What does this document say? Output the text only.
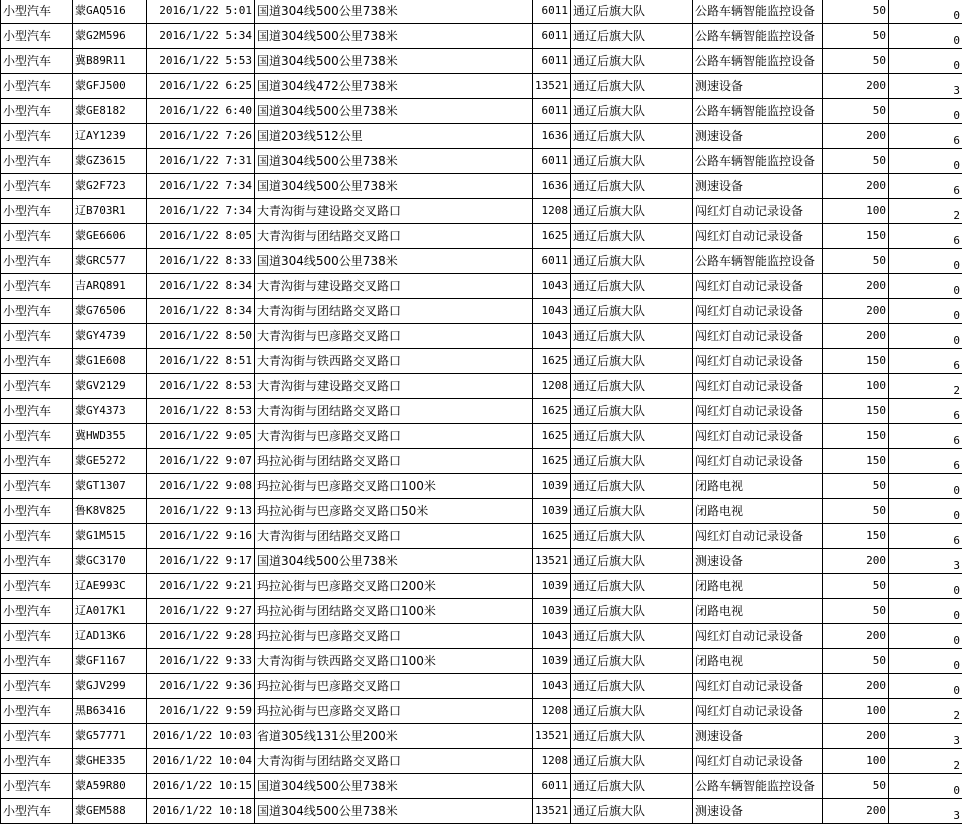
小型汽车	蒙GAQ516	2016/1/22 5:01	国道304线500公里738米	6011	通辽后旗大队	公路车辆智能监控设备	50	0
小型汽车	蒙G2M596	2016/1/22 5:34	国道304线500公里738米	6011	通辽后旗大队	公路车辆智能监控设备	50	0
小型汽车	冀B89R11	2016/1/22 5:53	国道304线500公里738米	6011	通辽后旗大队	公路车辆智能监控设备	50	0
小型汽车	蒙GFJ500	2016/1/22 6:25	国道304线472公里738米	13521	通辽后旗大队	测速设备	200	3
小型汽车	蒙GE8182	2016/1/22 6:40	国道304线500公里738米	6011	通辽后旗大队	公路车辆智能监控设备	50	0
小型汽车	辽AY1239	2016/1/22 7:26	国道203线512公里	1636	通辽后旗大队	测速设备	200	6
小型汽车	蒙GZ3615	2016/1/22 7:31	国道304线500公里738米	6011	通辽后旗大队	公路车辆智能监控设备	50	0
小型汽车	蒙G2F723	2016/1/22 7:34	国道304线500公里738米	1636	通辽后旗大队	测速设备	200	6
小型汽车	辽B703R1	2016/1/22 7:34	大青沟街与建设路交叉路口	1208	通辽后旗大队	闯红灯自动记录设备	100	2
小型汽车	蒙GE6606	2016/1/22 8:05	大青沟街与团结路交叉路口	1625	通辽后旗大队	闯红灯自动记录设备	150	6
小型汽车	蒙GRC577	2016/1/22 8:33	国道304线500公里738米	6011	通辽后旗大队	公路车辆智能监控设备	50	0
小型汽车	吉ARQ891	2016/1/22 8:34	大青沟街与建设路交叉路口	1043	通辽后旗大队	闯红灯自动记录设备	200	0
小型汽车	蒙G76506	2016/1/22 8:34	大青沟街与团结路交叉路口	1043	通辽后旗大队	闯红灯自动记录设备	200	0
小型汽车	蒙GY4739	2016/1/22 8:50	大青沟街与巴彦路交叉路口	1043	通辽后旗大队	闯红灯自动记录设备	200	0
小型汽车	蒙G1E608	2016/1/22 8:51	大青沟街与铁西路交叉路口	1625	通辽后旗大队	闯红灯自动记录设备	150	6
小型汽车	蒙GV2129	2016/1/22 8:53	大青沟街与建设路交叉路口	1208	通辽后旗大队	闯红灯自动记录设备	100	2
小型汽车	蒙GY4373	2016/1/22 8:53	大青沟街与团结路交叉路口	1625	通辽后旗大队	闯红灯自动记录设备	150	6
小型汽车	冀HWD355	2016/1/22 9:05	大青沟街与巴彦路交叉路口	1625	通辽后旗大队	闯红灯自动记录设备	150	6
小型汽车	蒙GE5272	2016/1/22 9:07	玛拉沁街与团结路交叉路口	1625	通辽后旗大队	闯红灯自动记录设备	150	6
小型汽车	蒙GT1307	2016/1/22 9:08	玛拉沁街与巴彦路交叉路口100米	1039	通辽后旗大队	闭路电视	50	0
小型汽车	鲁K8V825	2016/1/22 9:13	玛拉沁街与巴彦路交叉路口50米	1039	通辽后旗大队	闭路电视	50	0
小型汽车	蒙G1M515	2016/1/22 9:16	大青沟街与团结路交叉路口	1625	通辽后旗大队	闯红灯自动记录设备	150	6
小型汽车	蒙GC3170	2016/1/22 9:17	国道304线500公里738米	13521	通辽后旗大队	测速设备	200	3
小型汽车	辽AE993C	2016/1/22 9:21	玛拉沁街与巴彦路交叉路口200米	1039	通辽后旗大队	闭路电视	50	0
小型汽车	辽A017K1	2016/1/22 9:27	玛拉沁街与团结路交叉路口100米	1039	通辽后旗大队	闭路电视	50	0
小型汽车	辽AD13K6	2016/1/22 9:28	玛拉沁街与巴彦路交叉路口	1043	通辽后旗大队	闯红灯自动记录设备	200	0
小型汽车	蒙GF1167	2016/1/22 9:33	大青沟街与铁西路交叉路口100米	1039	通辽后旗大队	闭路电视	50	0
小型汽车	蒙GJV299	2016/1/22 9:36	玛拉沁街与巴彦路交叉路口	1043	通辽后旗大队	闯红灯自动记录设备	200	0
小型汽车	黑B63416	2016/1/22 9:59	玛拉沁街与巴彦路交叉路口	1208	通辽后旗大队	闯红灯自动记录设备	100	2
小型汽车	蒙G57771	2016/1/22 10:03	省道305线131公里200米	13521	通辽后旗大队	测速设备	200	3
小型汽车	蒙GHE335	2016/1/22 10:04	大青沟街与团结路交叉路口	1208	通辽后旗大队	闯红灯自动记录设备	100	2
小型汽车	蒙A59R80	2016/1/22 10:15	国道304线500公里738米	6011	通辽后旗大队	公路车辆智能监控设备	50	0
小型汽车	蒙GEM588	2016/1/22 10:18	国道304线500公里738米	13521	通辽后旗大队	测速设备	200	3
